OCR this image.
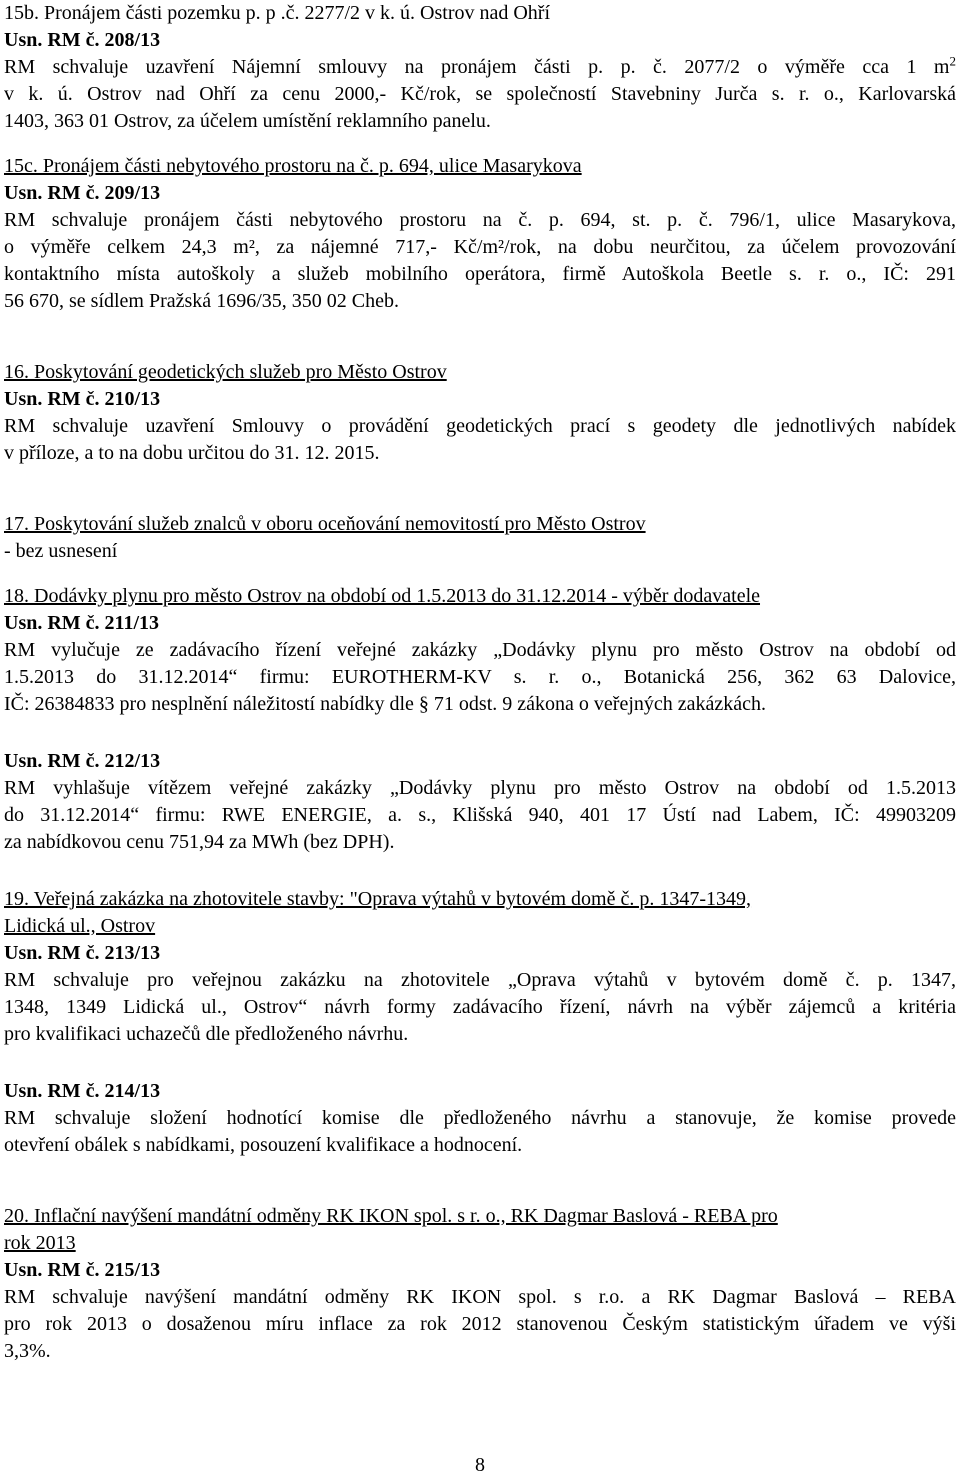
15b. Pronájem části pozemku p. p .č. 2277/2 v k. ú. Ostrov nad Ohří
Usn. RM č. 208/13
RM schvaluje uzavření Nájemní smlouvy na pronájem části p. p. č. 2077/2 o výměře cca 1 $m^2$
v k. ú. Ostrov nad Ohří za cenu 2000,- Kč/rok, se společností Stavebniny Jurča s. r. o., Karlovarská
1403, 363 01 Ostrov, za účelem umístění reklamního panelu.
15c. Pronájem části nebytového prostoru na č. p. 694, ulice Masarykova
Usn. RM č. 209/13
RM schvaluje pronájem části nebytového prostoru na č. p. 694, st. p. č. 796/1, ulice Masarykova,
o výměře celkem 24,3 m², za nájemné 717,- Kč/m²/rok, na dobu neurčitou, za účelem provozování
kontaktního místa autoškoly a služeb mobilního operátora, firmě Autoškola Beetle s. r. o., IČ: 291
56 670, se sídlem Pražská 1696/35, 350 02 Cheb.
16. Poskytování geodetických služeb pro Město Ostrov
Usn. RM č. 210/13
RM schvaluje uzavření Smlouvy o provádění geodetických prací s geodety dle jednotlivých nabídek
v příloze, a to na dobu určitou do 31. 12. 2015.
17. Poskytování služeb znalců v oboru oceňování nemovitostí pro Město Ostrov
- bez usnesení
18. Dodávky plynu pro město Ostrov na období od 1.5.2013 do 31.12.2014 - výběr dodavatele
Usn. RM č. 211/13
RM vylučuje ze zadávacího řízení veřejné zakázky „Dodávky plynu pro město Ostrov na období od
1.5.2013 do 31.12.2014“ firmu: EUROTHERM-KV s. r. o., Botanická 256, 362 63 Dalovice,
IČ: 26384833 pro nesplnění náležitostí nabídky dle § 71 odst. 9 zákona o veřejných zakázkách.
Usn. RM č. 212/13
RM vyhlašuje vítězem veřejné zakázky „Dodávky plynu pro město Ostrov na období od 1.5.2013
do 31.12.2014“ firmu: RWE ENERGIE, a. s., Klišská 940, 401 17 Ústí nad Labem, IČ: 49903209
za nabídkovou cenu 751,94 za MWh (bez DPH).
19. Veřejná zakázka na zhotovitele stavby: "Oprava výtahů v bytovém domě č. p. 1347-1349,
Lidická ul., Ostrov
Usn. RM č. 213/13
RM schvaluje pro veřejnou zakázku na zhotovitele „Oprava výtahů v bytovém domě č. p. 1347,
1348, 1349 Lidická ul., Ostrov“ návrh formy zadávacího řízení, návrh na výběr zájemců a kritéria
pro kvalifikaci uchazečů dle předloženého návrhu.
Usn. RM č. 214/13
RM schvaluje složení hodnotící komise dle předloženého návrhu a stanovuje, že komise provede
otevření obálek s nabídkami, posouzení kvalifikace a hodnocení.
20. Inflační navýšení mandátní odměny RK IKON spol. s r. o., RK Dagmar Baslová - REBA pro
rok 2013
Usn. RM č. 215/13
RM schvaluje navýšení mandátní odměny RK IKON spol. s r.o. a RK Dagmar Baslová – REBA
pro rok 2013 o dosaženou míru inflace za rok 2012 stanovenou Českým statistickým úřadem ve výši
3,3%.
8
